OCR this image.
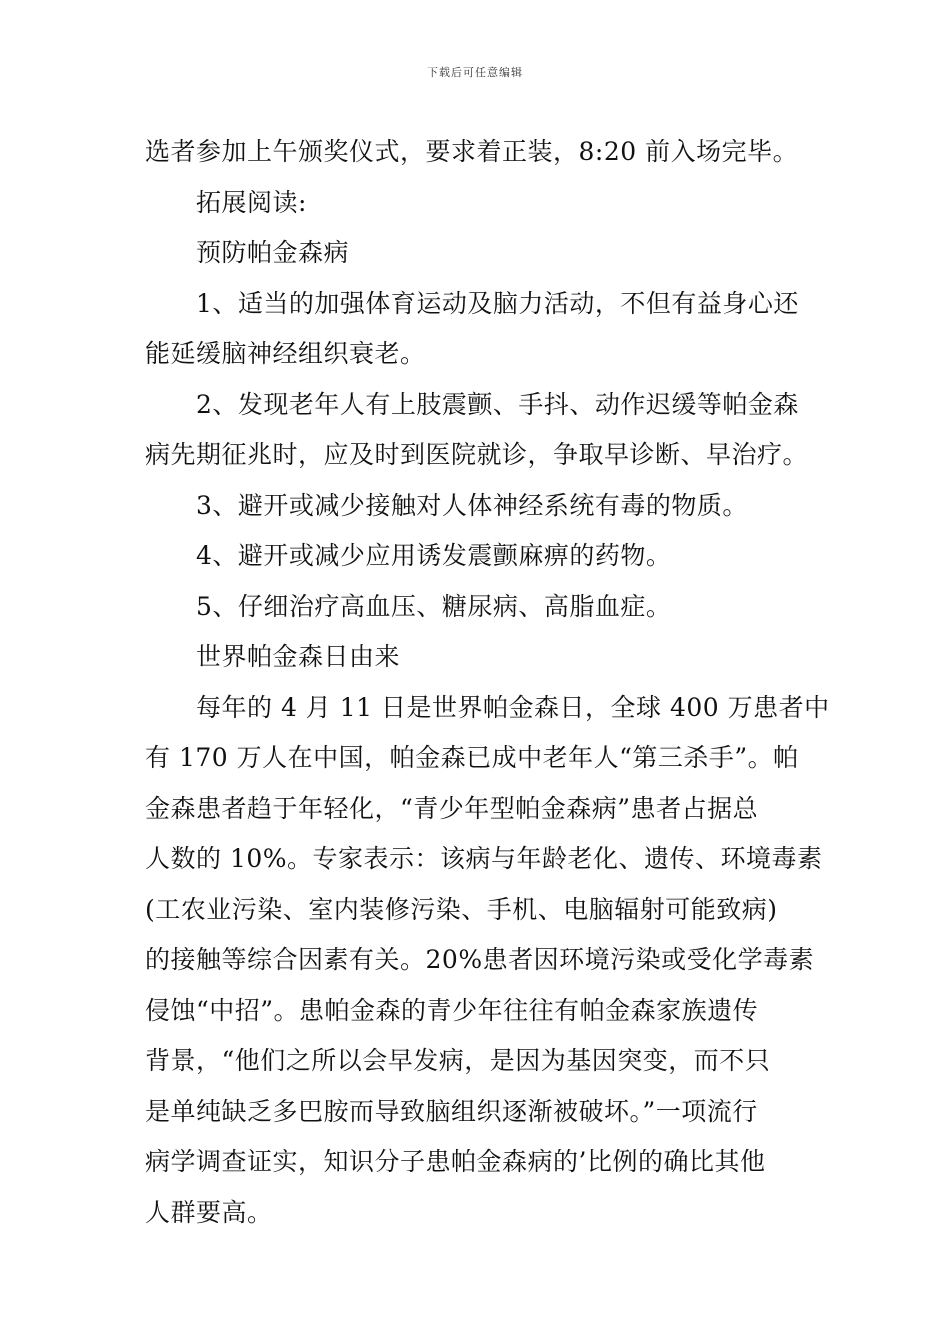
下载后可任意编辑
选者参加上午颁奖仪式，要求着正装，8:20 前入场完毕。
拓展阅读:
预防帕金森病
1、适当的加强体育运动及脑力活动，不但有益身心还
能延缓脑神经组织衰老。
2、发现老年人有上肢震颤、手抖、动作迟缓等帕金森
病先期征兆时，应及时到医院就诊，争取早诊断、早治疗。
3、避开或减少接触对人体神经系统有毒的物质。
4、避开或减少应用诱发震颤麻痹的药物。
5、仔细治疗高血压、糖尿病、高脂血症。
世界帕金森日由来
每年的 4 月 11 日是世界帕金森日，全球 400 万患者中
有 170 万人在中国，帕金森已成中老年人“第三杀手”。帕
金森患者趋于年轻化，“青少年型帕金森病”患者占据总
人数的 10%。专家表示：该病与年龄老化、遗传、环境毒素
(工农业污染、室内装修污染、手机、电脑辐射可能致病)
的接触等综合因素有关。20%患者因环境污染或受化学毒素
侵蚀“中招”。患帕金森的青少年往往有帕金森家族遗传
背景，“他们之所以会早发病，是因为基因突变，而不只
是单纯缺乏多巴胺而导致脑组织逐渐被破坏。”一项流行
病学调查证实，知识分子患帕金森病的’比例的确比其他
人群要高。
